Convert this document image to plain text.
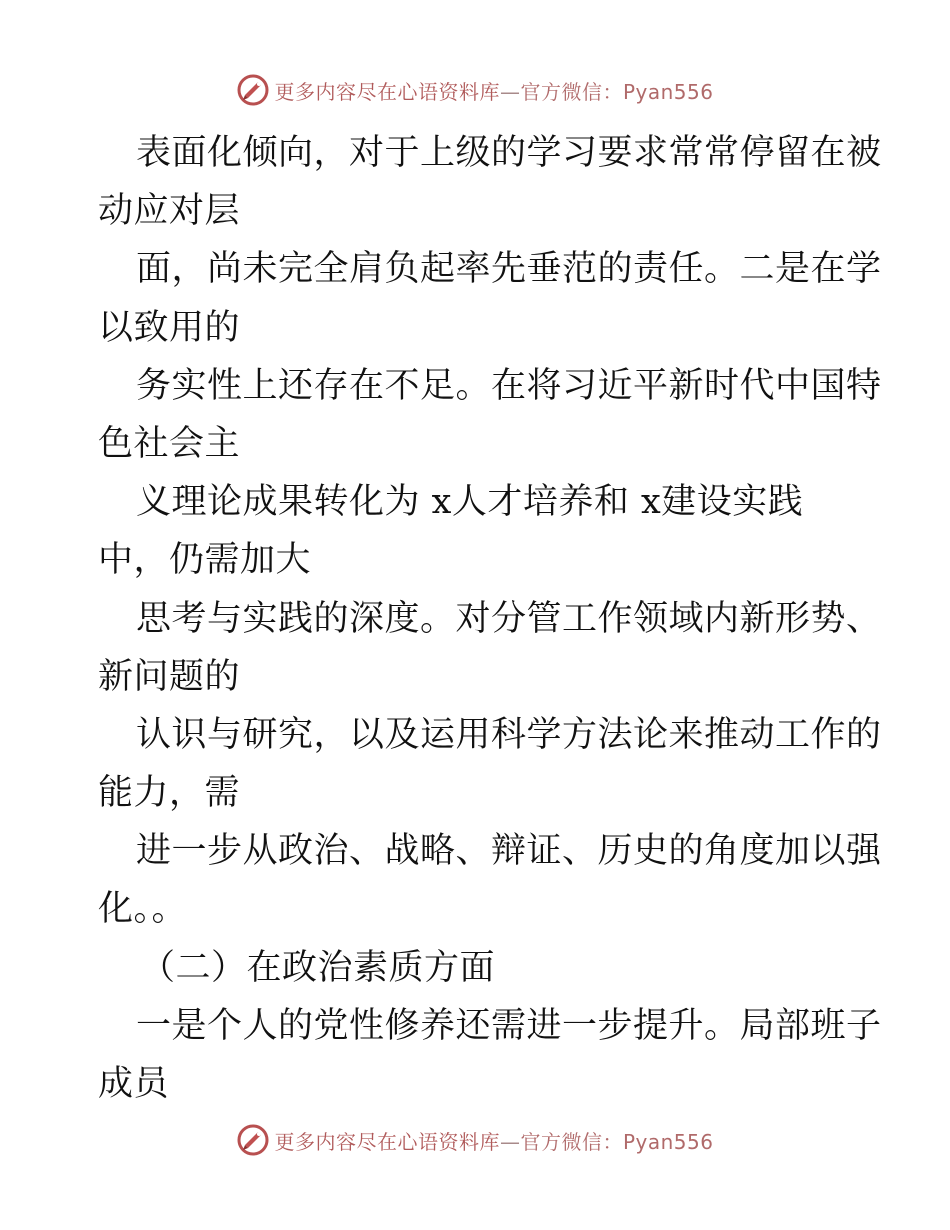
更多内容尽在心语资料库—官方微信：Pyan556
表面化倾向，对于上级的学习要求常常停留在被
动应对层
面，尚未完全肩负起率先垂范的责任。二是在学
以致用的
务实性上还存在不足。在将习近平新时代中国特
色社会主
义理论成果转化为 x人才培养和 x建设实践
中，仍需加大
思考与实践的深度。对分管工作领域内新形势、
新问题的
认识与研究，以及运用科学方法论来推动工作的
能力，需
进一步从政治、战略、辩证、历史的角度加以强
化。。
（二）在政治素质方面
一是个人的党性修养还需进一步提升。局部班子
成员
更多内容尽在心语资料库—官方微信：Pyan556
